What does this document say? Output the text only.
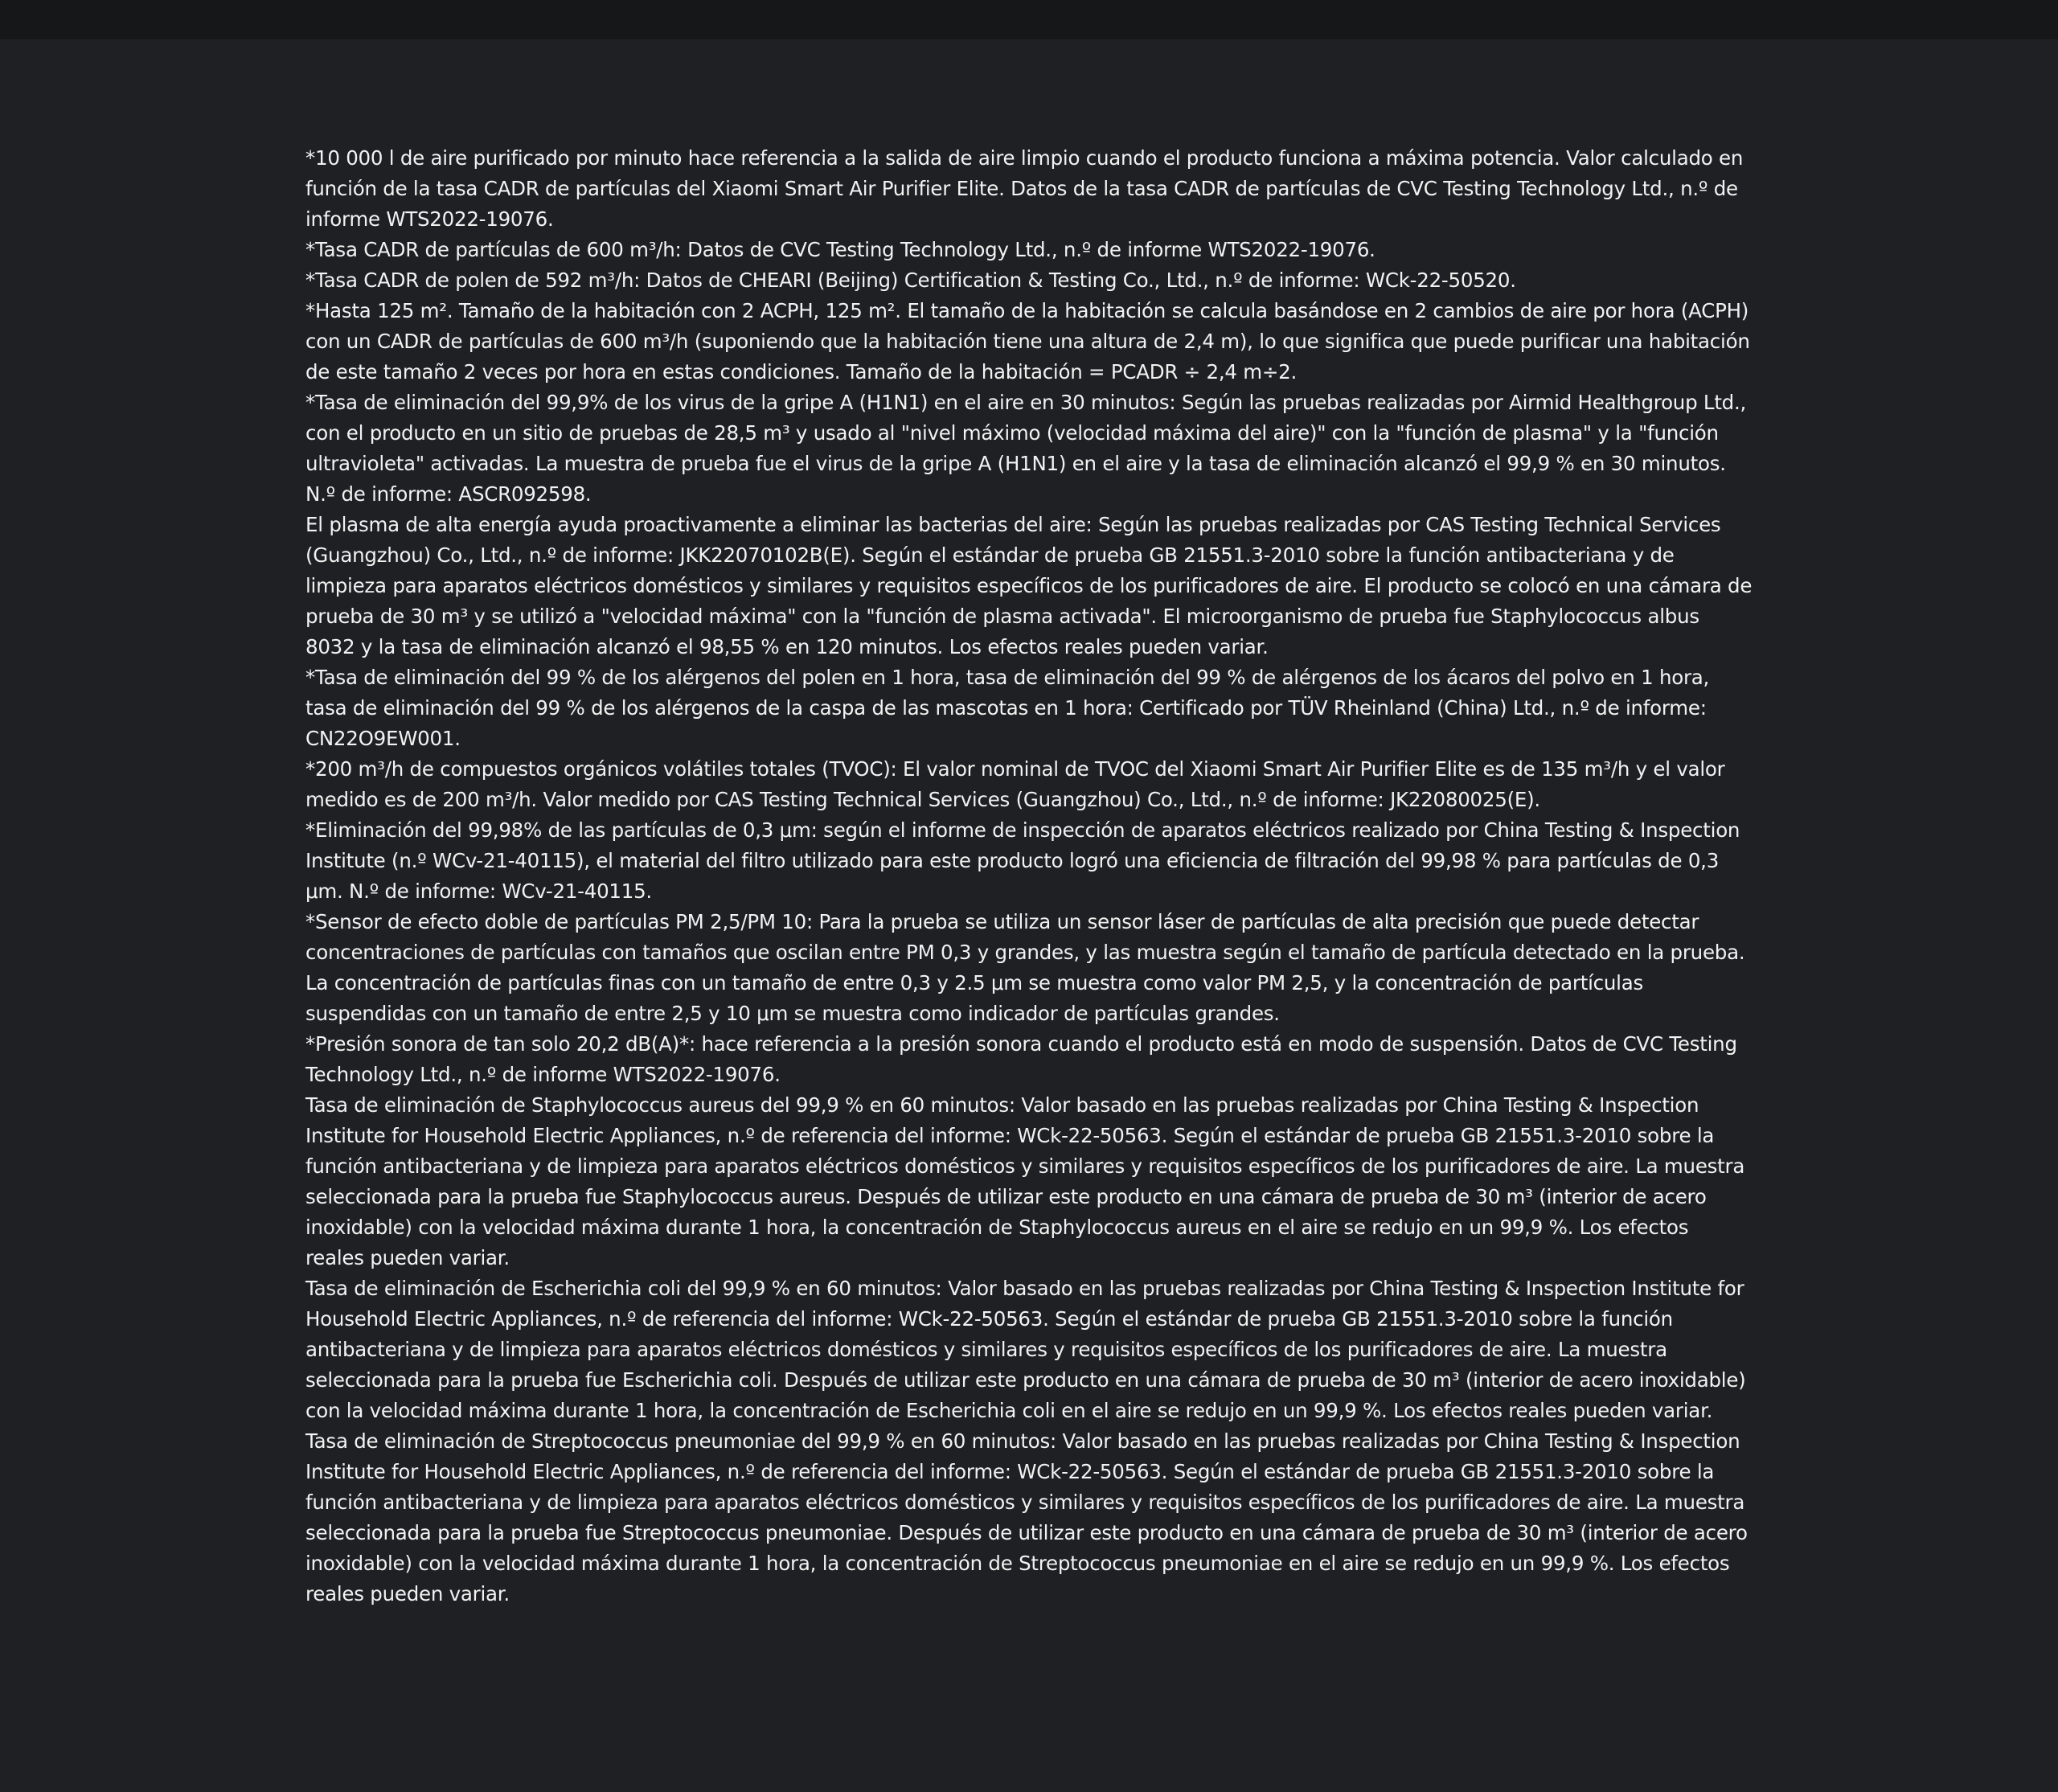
*10 000 l de aire purificado por minuto hace referencia a la salida de aire limpio cuando el producto funciona a máxima potencia. Valor calculado en función de la tasa CADR de partículas del Xiaomi Smart Air Purifier Elite. Datos de la tasa CADR de partículas de CVC Testing Technology Ltd., n.º de informe WTS2022-19076.

*Tasa CADR de partículas de 600 m³/h: Datos de CVC Testing Technology Ltd., n.º de informe WTS2022-19076.

*Tasa CADR de polen de 592 m³/h: Datos de CHEARI (Beijing) Certification & Testing Co., Ltd., n.º de informe: WCk-22-50520.

*Hasta 125 m². Tamaño de la habitación con 2 ACPH, 125 m². El tamaño de la habitación se calcula basándose en 2 cambios de aire por hora (ACPH) con un CADR de partículas de 600 m³/h (suponiendo que la habitación tiene una altura de 2,4 m), lo que significa que puede purificar una habitación de este tamaño 2 veces por hora en estas condiciones. Tamaño de la habitación = PCADR ÷ 2,4 m÷2.

*Tasa de eliminación del 99,9% de los virus de la gripe A (H1N1) en el aire en 30 minutos: Según las pruebas realizadas por Airmid Healthgroup Ltd., con el producto en un sitio de pruebas de 28,5 m³ y usado al "nivel máximo (velocidad máxima del aire)" con la "función de plasma" y la "función ultravioleta" activadas. La muestra de prueba fue el virus de la gripe A (H1N1) en el aire y la tasa de eliminación alcanzó el 99,9 % en 30 minutos. N.º de informe: ASCR092598.

El plasma de alta energía ayuda proactivamente a eliminar las bacterias del aire: Según las pruebas realizadas por CAS Testing Technical Services (Guangzhou) Co., Ltd., n.º de informe: JKK22070102B(E). Según el estándar de prueba GB 21551.3-2010 sobre la función antibacteriana y de limpieza para aparatos eléctricos domésticos y similares y requisitos específicos de los purificadores de aire. El producto se colocó en una cámara de prueba de 30 m³ y se utilizó a "velocidad máxima" con la "función de plasma activada". El microorganismo de prueba fue Staphylococcus albus 8032 y la tasa de eliminación alcanzó el 98,55 % en 120 minutos. Los efectos reales pueden variar.

*Tasa de eliminación del 99 % de los alérgenos del polen en 1 hora, tasa de eliminación del 99 % de alérgenos de los ácaros del polvo en 1 hora, tasa de eliminación del 99 % de los alérgenos de la caspa de las mascotas en 1 hora: Certificado por TÜV Rheinland (China) Ltd., n.º de informe: CN22O9EW001.

*200 m³/h de compuestos orgánicos volátiles totales (TVOC): El valor nominal de TVOC del Xiaomi Smart Air Purifier Elite es de 135 m³/h y el valor medido es de 200 m³/h. Valor medido por CAS Testing Technical Services (Guangzhou) Co., Ltd., n.º de informe: JK22080025(E).

*Eliminación del 99,98% de las partículas de 0,3 μm: según el informe de inspección de aparatos eléctricos realizado por China Testing & Inspection Institute (n.º WCv-21-40115), el material del filtro utilizado para este producto logró una eficiencia de filtración del 99,98 % para partículas de 0,3 μm. N.º de informe: WCv-21-40115.

*Sensor de efecto doble de partículas PM 2,5/PM 10: Para la prueba se utiliza un sensor láser de partículas de alta precisión que puede detectar concentraciones de partículas con tamaños que oscilan entre PM 0,3 y grandes, y las muestra según el tamaño de partícula detectado en la prueba. La concentración de partículas finas con un tamaño de entre 0,3 y 2.5 μm se muestra como valor PM 2,5, y la concentración de partículas suspendidas con un tamaño de entre 2,5 y 10 μm se muestra como indicador de partículas grandes.

*Presión sonora de tan solo 20,2 dB(A)*: hace referencia a la presión sonora cuando el producto está en modo de suspensión. Datos de CVC Testing Technology Ltd., n.º de informe WTS2022-19076.

Tasa de eliminación de Staphylococcus aureus del 99,9 % en 60 minutos: Valor basado en las pruebas realizadas por China Testing & Inspection Institute for Household Electric Appliances, n.º de referencia del informe: WCk-22-50563. Según el estándar de prueba GB 21551.3-2010 sobre la función antibacteriana y de limpieza para aparatos eléctricos domésticos y similares y requisitos específicos de los purificadores de aire. La muestra seleccionada para la prueba fue Staphylococcus aureus. Después de utilizar este producto en una cámara de prueba de 30 m³ (interior de acero inoxidable) con la velocidad máxima durante 1 hora, la concentración de Staphylococcus aureus en el aire se redujo en un 99,9 %. Los efectos reales pueden variar.

Tasa de eliminación de Escherichia coli del 99,9 % en 60 minutos: Valor basado en las pruebas realizadas por China Testing & Inspection Institute for Household Electric Appliances, n.º de referencia del informe: WCk-22-50563. Según el estándar de prueba GB 21551.3-2010 sobre la función antibacteriana y de limpieza para aparatos eléctricos domésticos y similares y requisitos específicos de los purificadores de aire. La muestra seleccionada para la prueba fue Escherichia coli. Después de utilizar este producto en una cámara de prueba de 30 m³ (interior de acero inoxidable) con la velocidad máxima durante 1 hora, la concentración de Escherichia coli en el aire se redujo en un 99,9 %. Los efectos reales pueden variar.

Tasa de eliminación de Streptococcus pneumoniae del 99,9 % en 60 minutos: Valor basado en las pruebas realizadas por China Testing & Inspection Institute for Household Electric Appliances, n.º de referencia del informe: WCk-22-50563. Según el estándar de prueba GB 21551.3-2010 sobre la función antibacteriana y de limpieza para aparatos eléctricos domésticos y similares y requisitos específicos de los purificadores de aire. La muestra seleccionada para la prueba fue Streptococcus pneumoniae. Después de utilizar este producto en una cámara de prueba de 30 m³ (interior de acero inoxidable) con la velocidad máxima durante 1 hora, la concentración de Streptococcus pneumoniae en el aire se redujo en un 99,9 %. Los efectos reales pueden variar.
